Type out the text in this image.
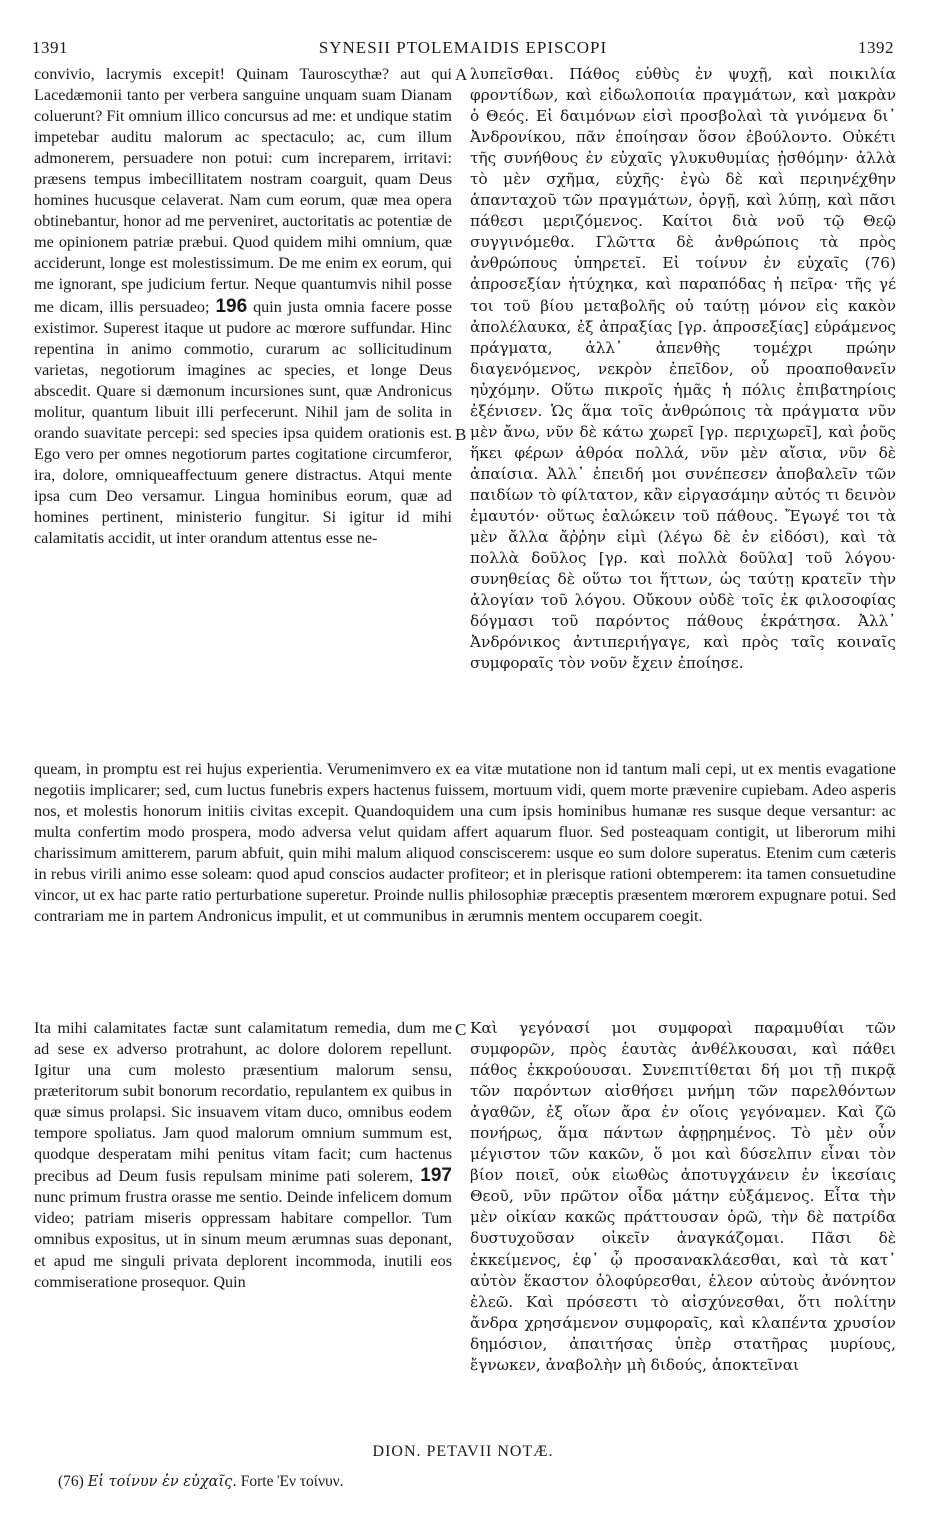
1391	SYNESII PTOLEMAIDIS EPISCOPI	1392

convivio, lacrymis excepit! Quinam Tauroscythæ? aut qui Lacedæmonii tanto per verbera sanguine unquam suam Dianam coluerunt? Fit omnium illico concursus ad me: et undique statim impetebar auditu malorum ac spectaculo; ac, cum illum admonerem, persuadere non potui: cum increparem, irritavi: præsens tempus imbecillitatem nostram coarguit, quam Deus homines hucusque celaverat. Nam cum eorum, quæ mea opera obtinebantur, honor ad me perveniret, auctoritatis ac potentiæ de me opinionem patriæ præbui. Quod quidem mihi omnium, quæ acciderunt, longe est molestissimum. De me enim ex eorum, qui me ignorant, spe judicium fertur. Neque quantumvis nihil posse me dicam, illis persuadeo; 196 quin justa omnia facere posse existimor. Superest itaque ut pudore ac mœrore suffundar. Hinc repentina in animo commotio, curarum ac sollicitudinum varietas, negotiorum imagines ac species, et longe Deus abscedit. Quare si dæmonum incursiones sunt, quæ Andronicus molitur, quantum libuit illi perfecerunt. Nihil jam de solita in orando suavitate percepi: sed species ipsa quidem orationis est. Ego vero per omnes negotiorum partes cogitatione circumferor, ira, dolore, omniqueaffectuum genere distractus. Atqui mente ipsa cum Deo versamur. Lingua hominibus eorum, quæ ad homines pertinent, ministerio fungitur. Si igitur id mihi calamitatis accidit, ut inter orandum attentus esse ne-

A
B

λυπεῖσθαι. Πάθος εὐθὺς ἐν ψυχῇ, καὶ ποικιλία φροντίδων, καὶ εἰδωλοποιία πραγμάτων, καὶ μακρὰν ὁ Θεός. Εἰ δαιμόνων εἰσὶ προσβολαὶ τὰ γινόμενα δι᾽ Ἀνδρονίκου, πᾶν ἐποίησαν ὅσον ἐβούλοντο. Οὐκέτι τῆς συνήθους ἐν εὐχαῖς γλυκυθυμίας ᾐσθόμην· ἀλλὰ τὸ μὲν σχῆμα, εὐχῆς· ἐγὼ δὲ καὶ περιηνέχθην ἁπανταχοῦ τῶν πραγμάτων, ὀργῇ, καὶ λύπῃ, καὶ πᾶσι πάθεσι μεριζόμενος. Καίτοι διὰ νοῦ τῷ Θεῷ συγγινόμεθα. Γλῶττα δὲ ἀνθρώποις τὰ πρὸς ἀνθρώπους ὑπηρετεῖ. Εἰ τοίνυν ἐν εὐχαῖς (76) ἀπροσεξίαν ἠτύχηκα, καὶ παραπόδας ἡ πεῖρα· τῆς γέ τοι τοῦ βίου μεταβολῆς οὐ ταύτῃ μόνον εἰς κακὸν ἀπολέλαυκα, ἐξ ἀπραξίας [γρ. ἀπροσεξίας] εὑράμενος πράγματα, ἀλλ᾽ ἀπενθὴς τομέχρι πρώην διαγενόμενος, νεκρὸν ἐπεῖδον, οὗ προαποθανεῖν ηὐχόμην. Οὕτω πικροῖς ἡμᾶς ἡ πόλις ἐπιβατηρίοις ἐξένισεν. Ὡς ἅμα τοῖς ἀνθρώποις τὰ πράγματα νῦν μὲν ἄνω, νῦν δὲ κάτω χωρεῖ [γρ. περιχωρεῖ], καὶ ῥοῦς ἥκει φέρων ἀθρόα πολλά, νῦν μὲν αἴσια, νῦν δὲ ἀπαίσια. Ἀλλ᾽ ἐπειδή μοι συνέπεσεν ἀποβαλεῖν τῶν παιδίων τὸ φίλτατον, κἂν εἰργασάμην αὐτός τι δεινὸν ἐμαυτόν· οὕτως ἑαλώκειν τοῦ πάθους. Ἔγωγέ τοι τὰ μὲν ἄλλα ἄῤῥην εἰμὶ (λέγω δὲ ἐν εἰδόσι), καὶ τὰ πολλὰ δοῦλος [γρ. καὶ πολλὰ δοῦλα] τοῦ λόγου· συνηθείας δὲ οὕτω τοι ἥττων, ὡς ταύτῃ κρατεῖν τὴν ἀλογίαν τοῦ λόγου. Οὔκουν οὐδὲ τοῖς ἐκ φιλοσοφίας δόγμασι τοῦ παρόντος πάθους ἐκράτησα. Ἀλλ᾽ Ἀνδρόνικος ἀντιπεριήγαγε, καὶ πρὸς ταῖς κοιναῖς συμφοραῖς τὸν νοῦν ἔχειν ἐποίησε.

queam, in promptu est rei hujus experientia. Verumenimvero ex ea vitæ mutatione non id tantum mali cepi, ut ex mentis evagatione negotiis implicarer; sed, cum luctus funebris expers hactenus fuissem, mortuum vidi, quem morte prævenire cupiebam. Adeo asperis nos, et molestis honorum initiis civitas excepit. Quandoquidem una cum ipsis hominibus humanæ res susque deque versantur: ac multa confertim modo prospera, modo adversa velut quidam affert aquarum fluor. Sed posteaquam contigit, ut liberorum mihi charissimum amitterem, parum abfuit, quin mihi malum aliquod consciscerem: usque eo sum dolore superatus. Etenim cum cæteris in rebus virili animo esse soleam: quod apud conscios audacter profiteor; et in plerisque rationi obtemperem: ita tamen consuetudine vincor, ut ex hac parte ratio perturbatione superetur. Proinde nullis philosophiæ præceptis præsentem mœrorem expugnare potui. Sed contrariam me in partem Andronicus impulit, et ut communibus in ærumnis mentem occuparem coegit.

Ita mihi calamitates factæ sunt calamitatum remedia, dum me ad sese ex adverso protrahunt, ac dolore dolorem repellunt. Igitur una cum molesto præsentium malorum sensu, præteritorum subit bonorum recordatio, repulantem ex quibus in quæ simus prolapsi. Sic insuavem vitam duco, omnibus eodem tempore spoliatus. Jam quod malorum omnium summum est, quodque desperatam mihi penitus vitam facit; cum hactenus precibus ad Deum fusis repulsam minime pati solerem, 197 nunc primum frustra orasse me sentio. Deinde infelicem domum video; patriam miseris oppressam habitare compellor. Tum omnibus expositus, ut in sinum meum ærumnas suas deponant, et apud me singuli privata deplorent incommoda, inutili eos commiseratione prosequor. Quin

C Καὶ γεγόνασί μοι συμφοραὶ παραμυθίαι τῶν συμφορῶν, πρὸς ἑαυτὰς ἀνθέλκουσαι, καὶ πάθει πάθος ἐκκρούουσαι. Συνεπιτίθεται δή μοι τῇ πικρᾷ τῶν παρόντων αἰσθήσει μνήμη τῶν παρελθόντων ἀγαθῶν, ἐξ οἵων ἄρα ἐν οἵοις γεγόναμεν. Καὶ ζῶ πονήρως, ἅμα πάντων ἀφῃρημένος. Τὸ μὲν οὖν μέγιστον τῶν κακῶν, ὅ μοι καὶ δύσελπιν εἶναι τὸν βίον ποιεῖ, οὐκ εἰωθὼς ἀποτυγχάνειν ἐν ἱκεσίαις Θεοῦ, νῦν πρῶτον οἶδα μάτην εὐξάμενος. Εἶτα τὴν μὲν οἰκίαν κακῶς πράττουσαν ὁρῶ, τὴν δὲ πατρίδα δυστυχοῦσαν οἰκεῖν ἀναγκάζομαι. Πᾶσι δὲ ἐκκείμενος, ἐφ᾽ ᾧ προσανακλάεσθαι, καὶ τὰ κατ᾽ αὐτὸν ἕκαστον ὀλοφύρεσθαι, ἐλεον αὐτοὺς ἀνόνητον ἐλεῶ. Καὶ πρόσεστι τὸ αἰσχύνεσθαι, ὅτι πολίτην ἄνδρα χρησάμενον συμφοραῖς, καὶ κλαπέντα χρυσίον δημόσιον, ἀπαιτήσας ὑπὲρ στατῆρας μυρίους, ἔγνωκεν, ἀναβολὴν μὴ διδούς, ἀποκτεῖναι

DION. PETAVII NOTÆ.
(76) Εἰ τοίνυν ἐν εὐχαῖς. Forte Ἐν τοίνυν.
